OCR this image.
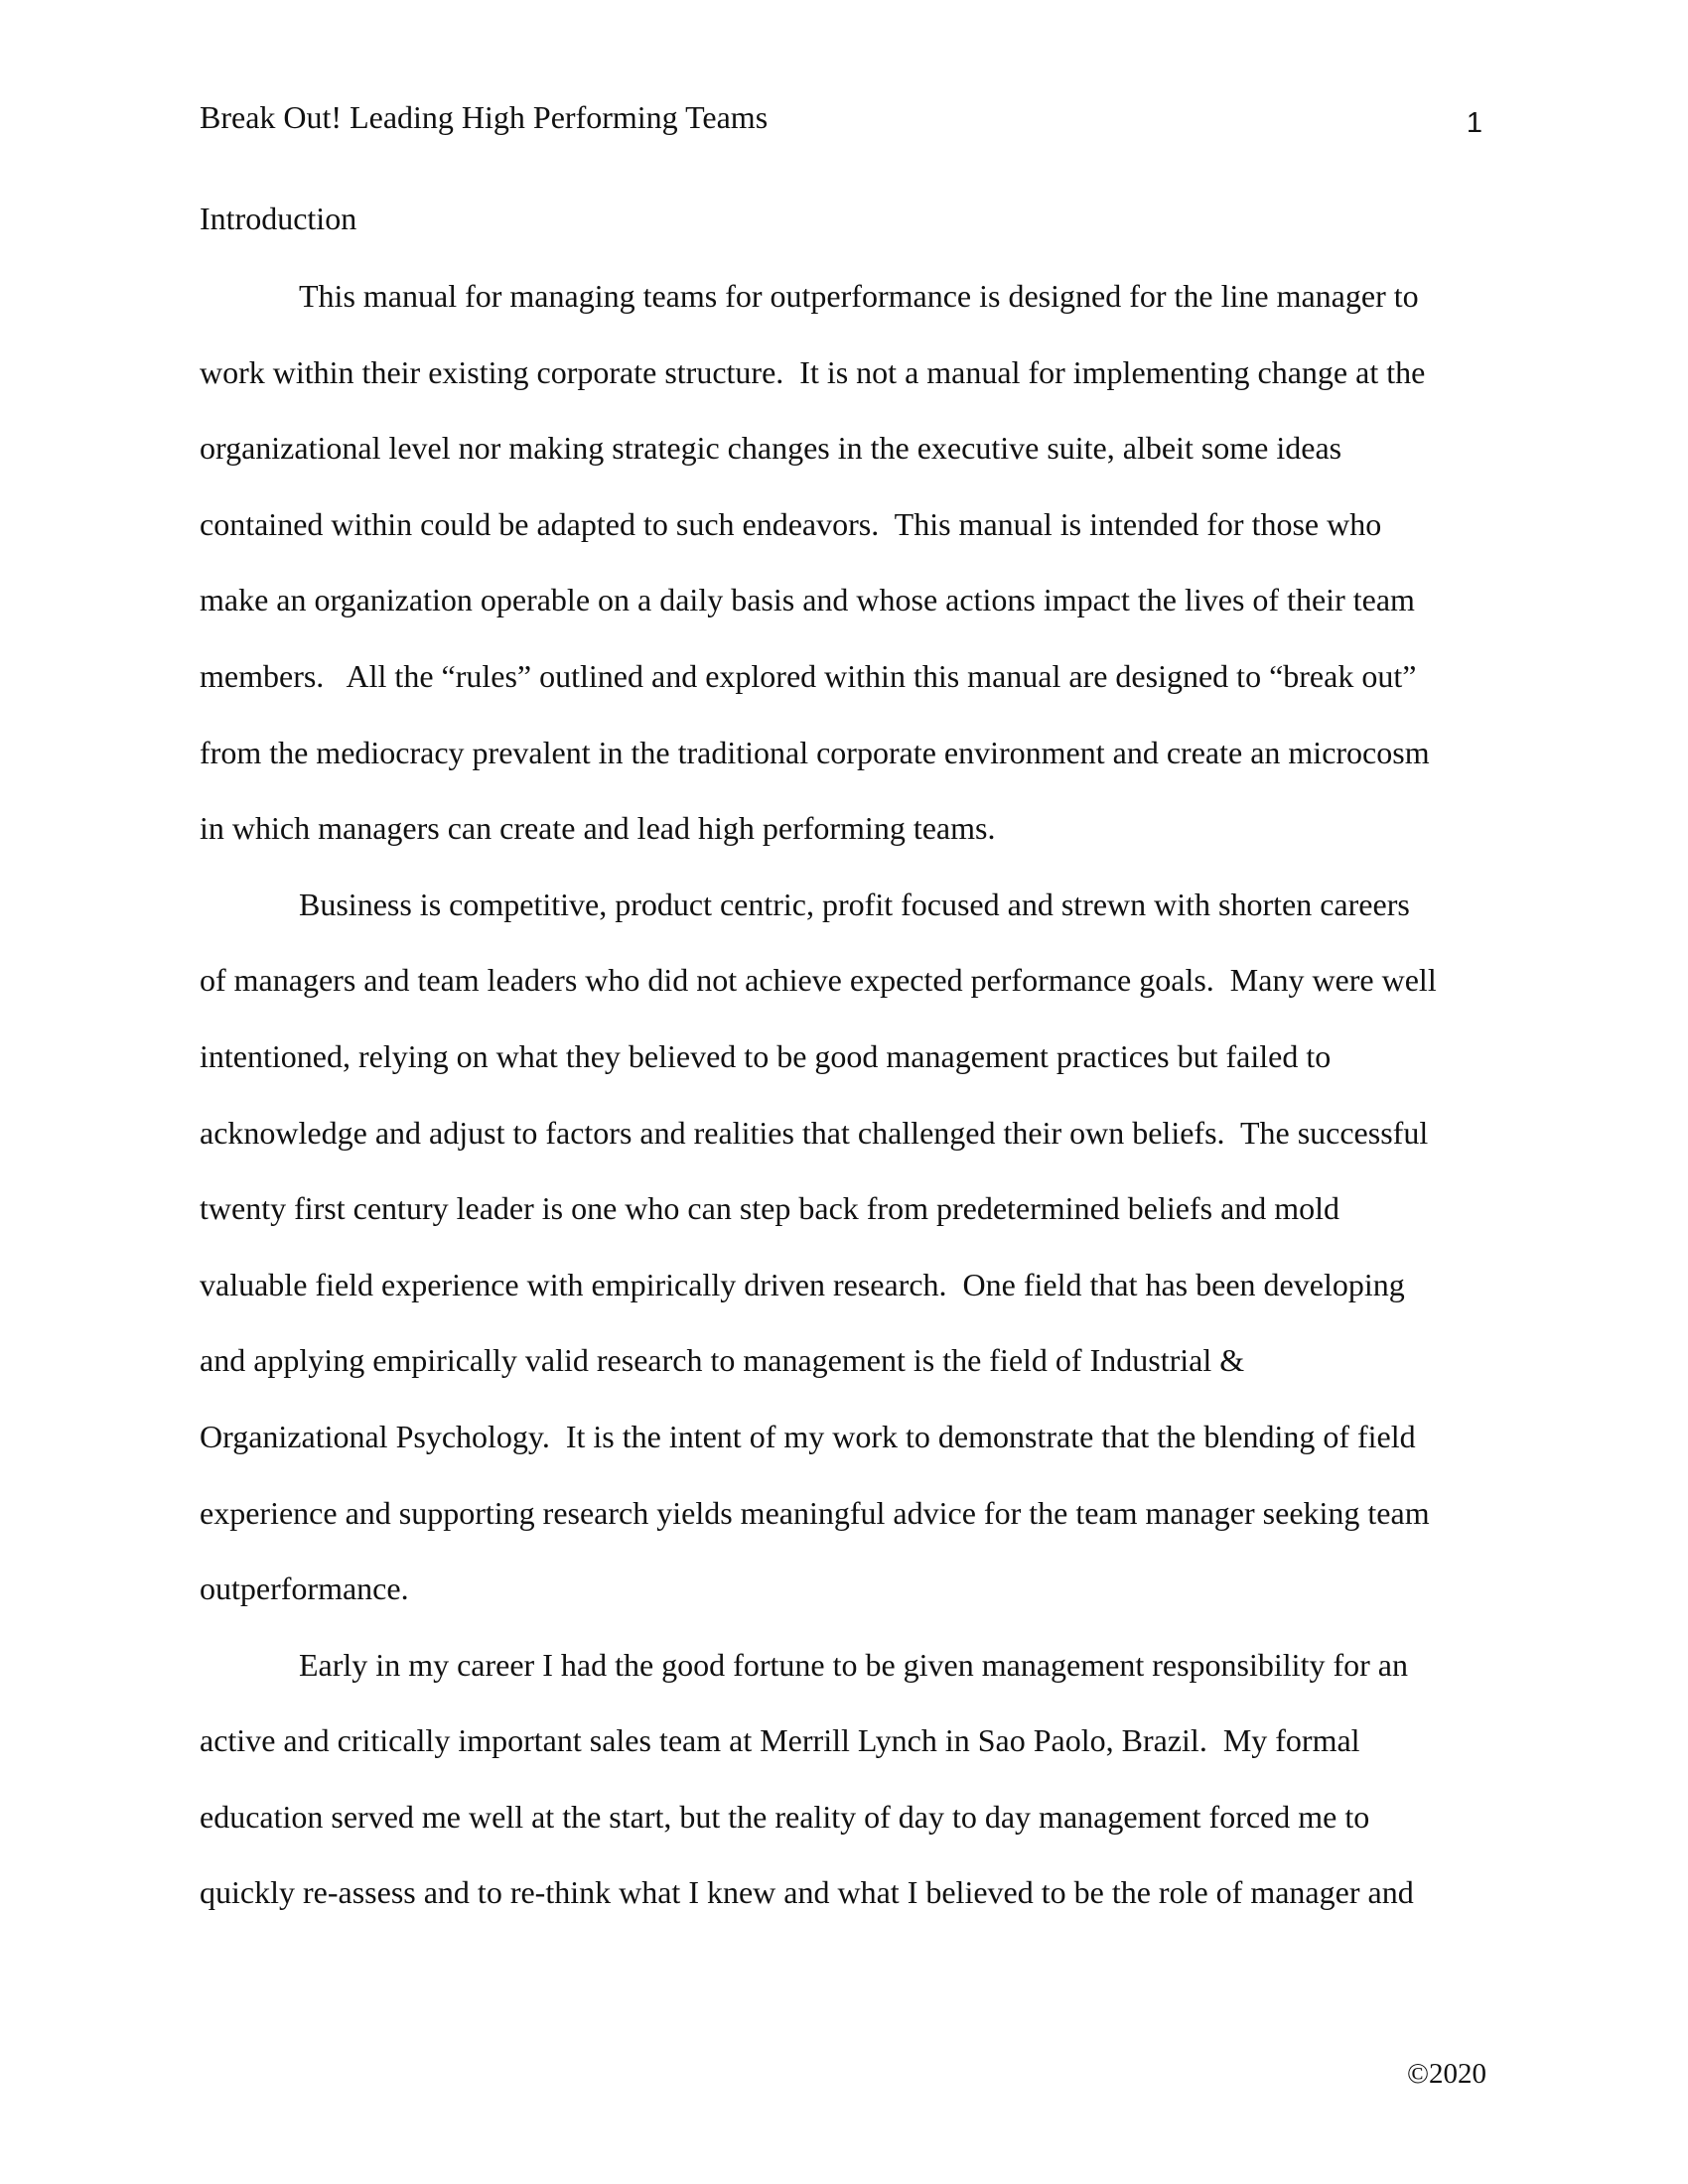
Break Out! Leading High Performing Teams	1
Introduction
This manual for managing teams for outperformance is designed for the line manager to
work within their existing corporate structure.  It is not a manual for implementing change at the
organizational level nor making strategic changes in the executive suite, albeit some ideas
contained within could be adapted to such endeavors.  This manual is intended for those who
make an organization operable on a daily basis and whose actions impact the lives of their team
members.   All the “rules” outlined and explored within this manual are designed to “break out”
from the mediocracy prevalent in the traditional corporate environment and create an microcosm
in which managers can create and lead high performing teams.
Business is competitive, product centric, profit focused and strewn with shorten careers
of managers and team leaders who did not achieve expected performance goals.  Many were well
intentioned, relying on what they believed to be good management practices but failed to
acknowledge and adjust to factors and realities that challenged their own beliefs.  The successful
twenty first century leader is one who can step back from predetermined beliefs and mold
valuable field experience with empirically driven research.  One field that has been developing
and applying empirically valid research to management is the field of Industrial &
Organizational Psychology.  It is the intent of my work to demonstrate that the blending of field
experience and supporting research yields meaningful advice for the team manager seeking team
outperformance.
Early in my career I had the good fortune to be given management responsibility for an
active and critically important sales team at Merrill Lynch in Sao Paolo, Brazil.  My formal
education served me well at the start, but the reality of day to day management forced me to
quickly re-assess and to re-think what I knew and what I believed to be the role of manager and
©2020
